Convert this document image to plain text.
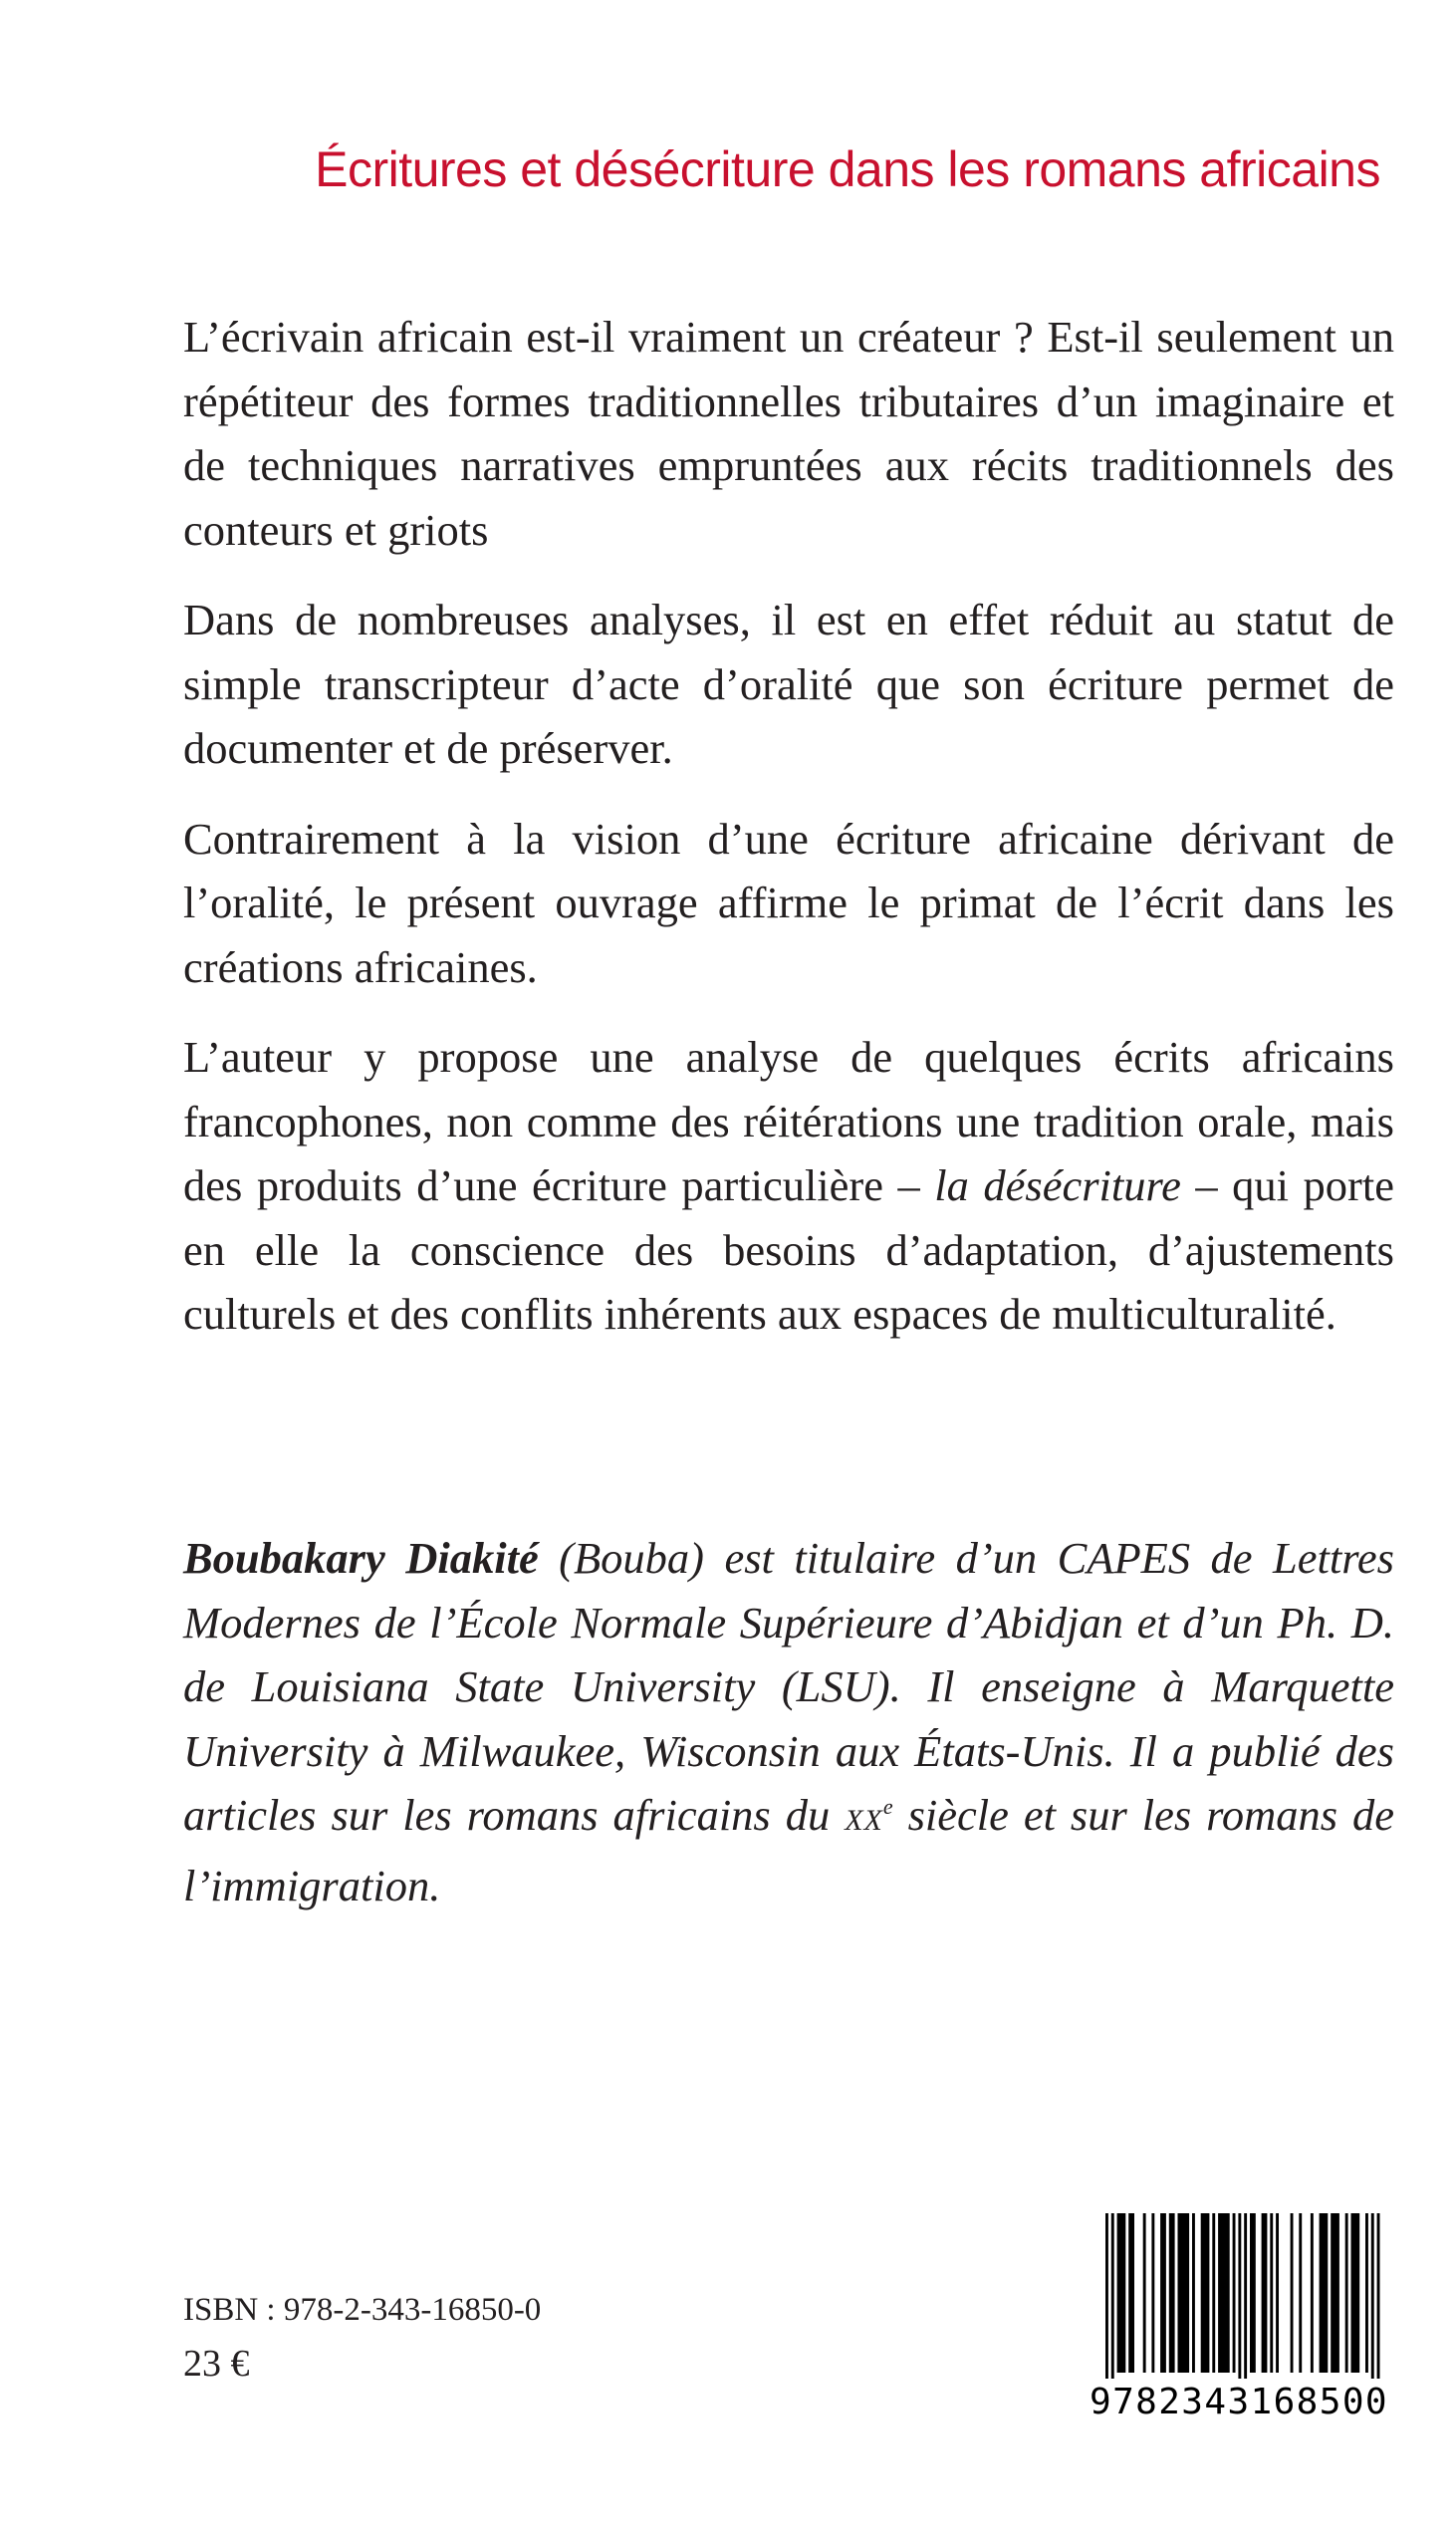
Écritures et désécriture dans les romans africains

L’écrivain africain est-il vraiment un créateur ? Est-il seulement un répétiteur des formes traditionnelles tributaires d’un imaginaire et de techniques narratives empruntées aux récits traditionnels des conteurs et griots

Dans de nombreuses analyses, il est en effet réduit au statut de simple transcripteur d’acte d’oralité que son écriture permet de documenter et de préserver.

Contrairement à la vision d’une écriture africaine dérivant de l’oralité, le présent ouvrage affirme le primat de l’écrit dans les créations africaines.

L’auteur y propose une analyse de quelques écrits africains francophones, non comme des réitérations une tradition orale, mais des produits d’une écriture particulière – la désécriture – qui porte en elle la conscience des besoins d’adaptation, d’ajustements culturels et des conflits inhérents aux espaces de multiculturalité.

Boubakary Diakité (Bouba) est titulaire d’un CAPES de Lettres Modernes de l’École Normale Supérieure d’Abidjan et d’un Ph. D. de Louisiana State University (LSU). Il enseigne à Marquette University à Milwaukee, Wisconsin aux États-Unis. Il a publié des articles sur les romans africains du XXe siècle et sur les romans de l’immigration.

ISBN : 978-2-343-16850-0
23 €
9782343168500
